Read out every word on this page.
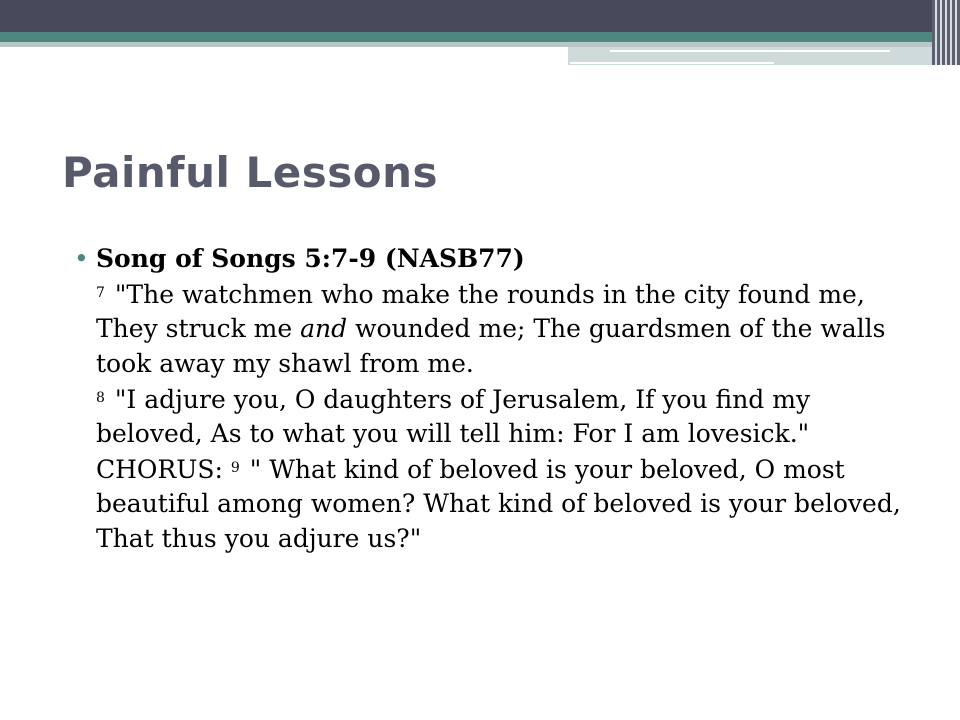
Painful Lessons
• Song of Songs 5:7-9 (NASB77)
$^7$ "The watchmen who make the rounds in the city found me, They struck me and wounded me; The guardsmen of the walls took away my shawl from me.
$^8$ "I adjure you, O daughters of Jerusalem, If you find my beloved, As to what you will tell him: For I am lovesick."
CHORUS: $^9$ " What kind of beloved is your beloved, O most beautiful among women? What kind of beloved is your beloved, That thus you adjure us?"
